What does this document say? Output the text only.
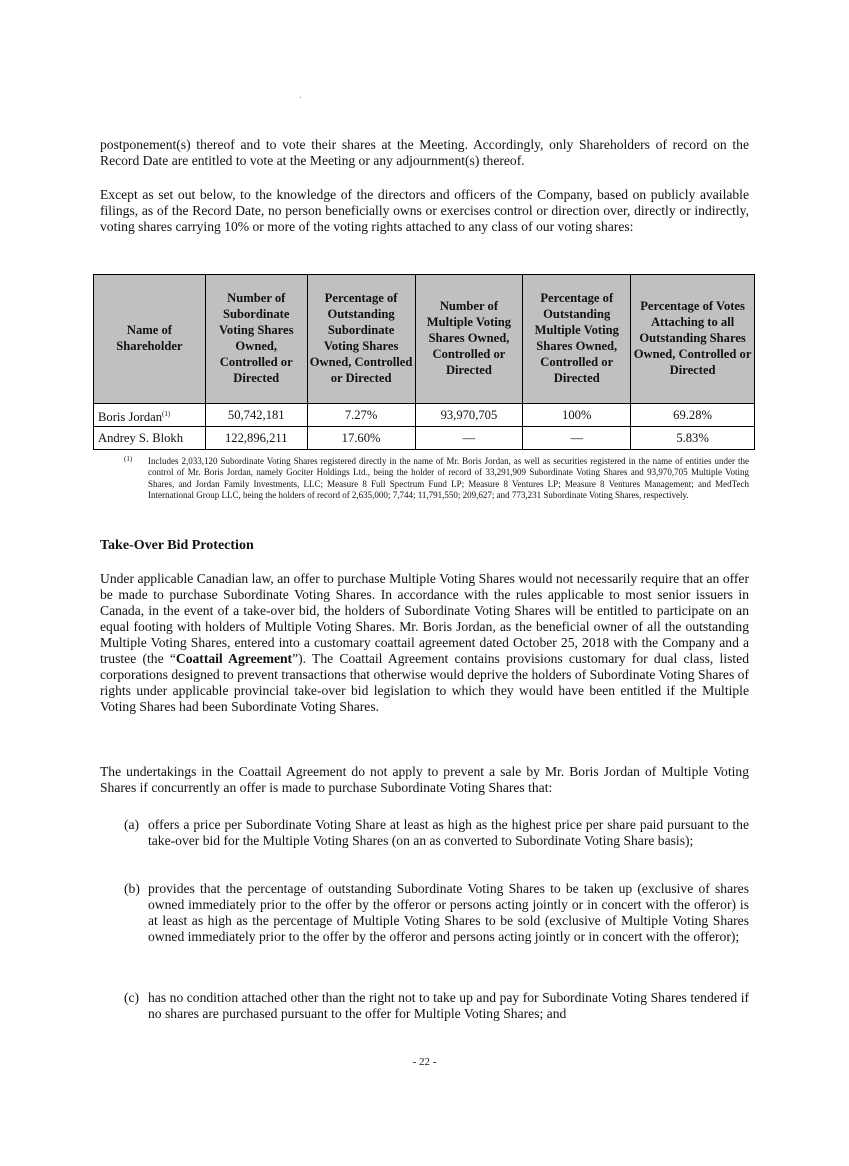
postponement(s) thereof and to vote their shares at the Meeting. Accordingly, only Shareholders of record on the Record Date are entitled to vote at the Meeting or any adjournment(s) thereof.

Except as set out below, to the knowledge of the directors and officers of the Company, based on publicly available filings, as of the Record Date, no person beneficially owns or exercises control or direction over, directly or indirectly, voting shares carrying 10% or more of the voting rights attached to any class of our voting shares:

Name of Shareholder	Number of Subordinate Voting Shares Owned, Controlled or Directed	Percentage of Outstanding Subordinate Voting Shares Owned, Controlled or Directed	Number of Multiple Voting Shares Owned, Controlled or Directed	Percentage of Outstanding Multiple Voting Shares Owned, Controlled or Directed	Percentage of Votes Attaching to all Outstanding Shares Owned, Controlled or Directed
Boris Jordan$^{(1)}$	50,742,181	7.27%	93,970,705	100%	69.28%
Andrey S. Blokh	122,896,211	17.60%	—	—	5.83%
(1) Includes 2,033,120 Subordinate Voting Shares registered directly in the name of Mr. Boris Jordan, as well as securities registered in the name of entities under the control of Mr. Boris Jordan, namely Gociter Holdings Ltd., being the holder of record of 33,291,909 Subordinate Voting Shares and 93,970,705 Multiple Voting Shares, and Jordan Family Investments, LLC; Measure 8 Full Spectrum Fund LP; Measure 8 Ventures LP; Measure 8 Ventures Management; and MedTech International Group LLC, being the holders of record of 2,635,000; 7,744; 11,791,550; 209,627; and 773,231 Subordinate Voting Shares, respectively.
Take-Over Bid Protection

Under applicable Canadian law, an offer to purchase Multiple Voting Shares would not necessarily require that an offer be made to purchase Subordinate Voting Shares. In accordance with the rules applicable to most senior issuers in Canada, in the event of a take-over bid, the holders of Subordinate Voting Shares will be entitled to participate on an equal footing with holders of Multiple Voting Shares. Mr. Boris Jordan, as the beneficial owner of all the outstanding Multiple Voting Shares, entered into a customary coattail agreement dated October 25, 2018 with the Company and a trustee (the “Coattail Agreement”). The Coattail Agreement contains provisions customary for dual class, listed corporations designed to prevent transactions that otherwise would deprive the holders of Subordinate Voting Shares of rights under applicable provincial take-over bid legislation to which they would have been entitled if the Multiple Voting Shares had been Subordinate Voting Shares.

The undertakings in the Coattail Agreement do not apply to prevent a sale by Mr. Boris Jordan of Multiple Voting Shares if concurrently an offer is made to purchase Subordinate Voting Shares that:

(a) offers a price per Subordinate Voting Share at least as high as the highest price per share paid pursuant to the take-over bid for the Multiple Voting Shares (on an as converted to Subordinate Voting Share basis);
(b) provides that the percentage of outstanding Subordinate Voting Shares to be taken up (exclusive of shares owned immediately prior to the offer by the offeror or persons acting jointly or in concert with the offeror) is at least as high as the percentage of Multiple Voting Shares to be sold (exclusive of Multiple Voting Shares owned immediately prior to the offer by the offeror and persons acting jointly or in concert with the offeror);
(c) has no condition attached other than the right not to take up and pay for Subordinate Voting Shares tendered if no shares are purchased pursuant to the offer for Multiple Voting Shares; and
- 22 -
